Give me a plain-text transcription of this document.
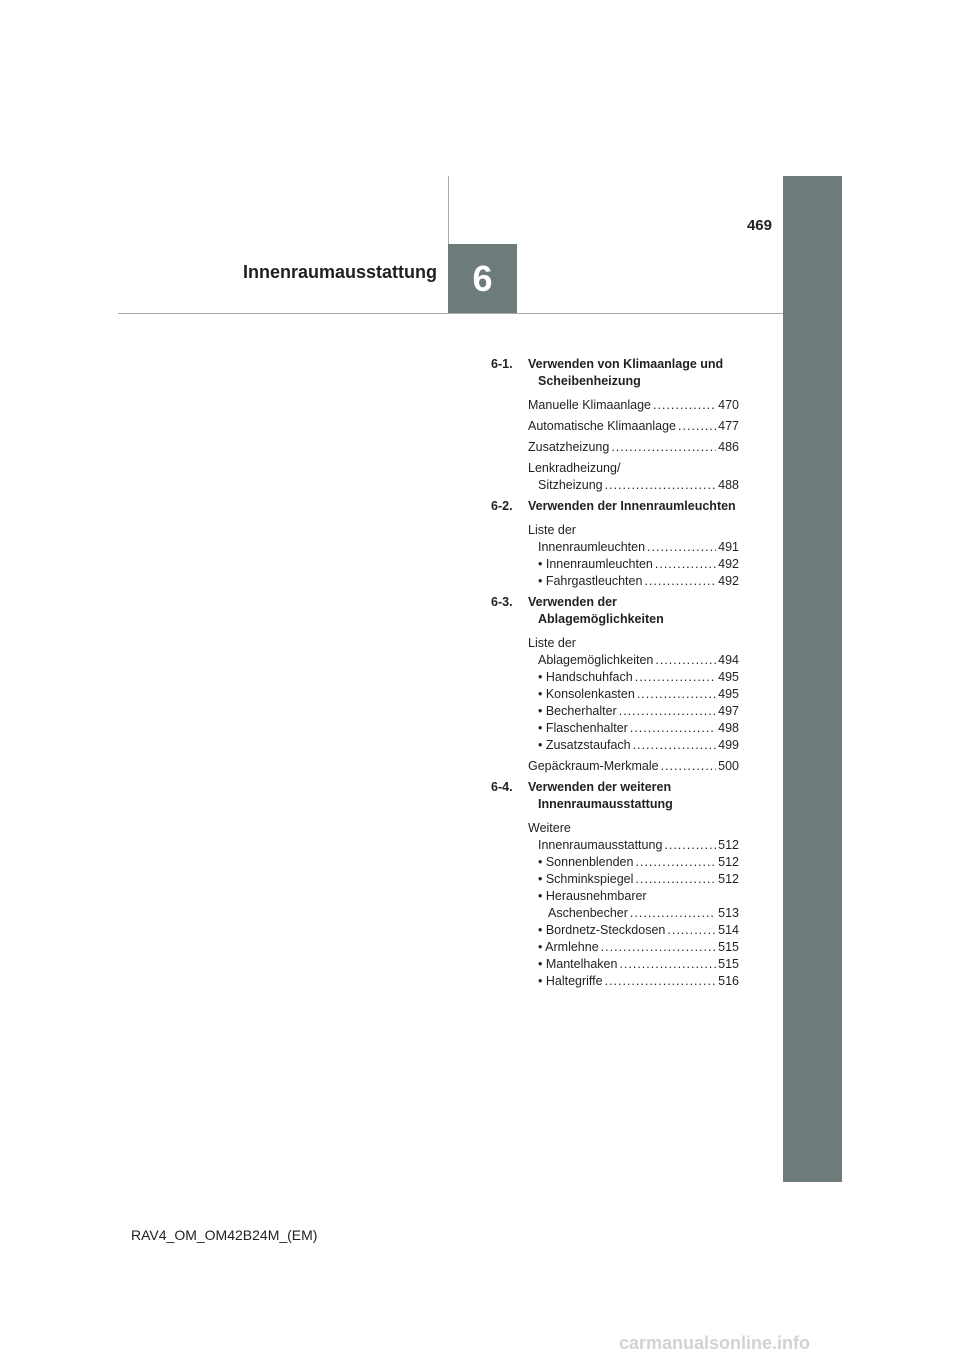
469
Innenraumausstattung 6
6-1. Verwenden von Klimaanlage und Scheibenheizung
Manuelle Klimaanlage .....	470
Automatische Klimaanlage .....	477
Zusatzheizung .....	486
Lenkradheizung/
Sitzheizung .....	488
6-2. Verwenden der Innenraumleuchten
Liste der
Innenraumleuchten .....	491
• Innenraumleuchten .....	492
• Fahrgastleuchten .....	492
6-3. Verwenden der Ablagemöglichkeiten
Liste der
Ablagemöglichkeiten .....	494
• Handschuhfach .....	495
• Konsolenkasten .....	495
• Becherhalter .....	497
• Flaschenhalter .....	498
• Zusatzstaufach .....	499
Gepäckraum-Merkmale .....	500
6-4. Verwenden der weiteren Innenraumausstattung
Weitere
Innenraumausstattung .....	512
• Sonnenblenden .....	512
• Schminkspiegel .....	512
• Herausnehmbarer
Aschenbecher .....	513
• Bordnetz-Steckdosen .....	514
• Armlehne .....	515
• Mantelhaken .....	515
• Haltegriffe .....	516
RAV4_OM_OM42B24M_(EM)
carmanualsonline.info
